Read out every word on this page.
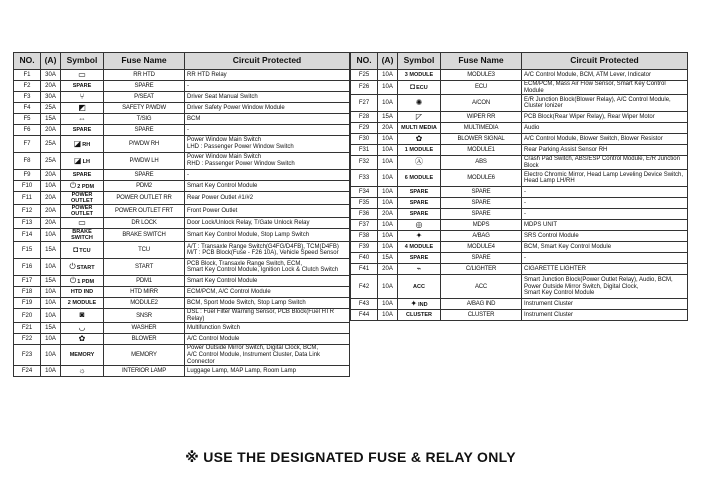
NO.	(A)	Symbol	Fuse Name	Circuit Protected
F1	30A	▭	RR HTD	RR HTD Relay
F2	20A	SPARE	SPARE	-
F3	30A	⑂	P/SEAT	Driver Seat Manual Switch
F4	25A	◩	SAFETY P/WDW	Driver Safety Power Window Module
F5	15A	⇔	T/SIG	BCM
F6	20A	SPARE	SPARE	-
F7	25A	◪RH	P/WDW RH	Power Window Main Switch
LHD : Passenger Power Window Switch
F8	25A	◪LH	P/WDW LH	Power Window Main Switch
RHD : Passenger Power Window Switch
F9	20A	SPARE	SPARE	-
F10	10A	⏻2 PDM	PDM2	Smart Key Control Module
F11	20A	POWER OUTLET	POWER OUTLET RR	Rear Power Outlet #1/#2
F12	20A	POWER OUTLET	POWER OUTLET FRT	Front Power Outlet
F13	20A	▭	DR LOCK	Door Lock/Unlock Relay, T/Gate Unlock Relay
F14	10A	BRAKE SWITCH	BRAKE SWITCH	Smart Key Control Module, Stop Lamp Switch
F15	15A	◘TCU	TCU	A/T : Transaxle Range Switch(G4FG/D4FB), TCM(D4FB)
M/T : PCB Block(Fuse - F26 10A), Vehicle Speed Sensor
F16	10A	⏻START	START	PCB Block, Transaxle Range Switch, ECM,
Smart Key Control Module, Ignition Lock & Clutch Switch
F17	15A	⏻1 PDM	PDM1	Smart Key Control Module
F18	10A	HTD IND	HTD MIRR	ECM/PCM, A/C Control Module
F19	10A	2 MODULE	MODULE2	BCM, Sport Mode Switch, Stop Lamp Switch
F20	10A	◙	SNSR	DSL : Fuel Filter Warning Sensor, PCB Block(Fuel HTR Relay)
F21	15A	◡	WASHER	Multifunction Switch
F22	10A	✿	BLOWER	A/C Control Module
F23	10A	MEMORY	MEMORY	Power Outside Mirror Switch, Digital Clock, BCM,
A/C Control Module, Instrument Cluster, Data Link Connector
F24	10A	☼	INTERIOR LAMP	Luggage Lamp, MAP Lamp, Room Lamp
NO.	(A)	Symbol	Fuse Name	Circuit Protected
F25	10A	3 MODULE	MODULE3	A/C Control Module, BCM, ATM Lever, Indicator
F26	10A	◘ECU	ECU	ECM/PCM, Mass Air Flow Sensor, Smart Key Control Module
F27	10A	✺	A/CON	E/R Junction Block(Blower Relay), A/C Control Module,
Cluster Ionizer
F28	15A	◸	WIPER RR	PCB Block(Rear Wiper Relay), Rear Wiper Motor
F29	20A	MULTI MEDIA	MULTIMEDIA	Audio
F30	10A	✿	BLOWER SIGNAL	A/C Control Module, Blower Switch, Blower Resistor
F31	10A	1 MODULE	MODULE1	Rear Parking Assist Sensor RH
F32	10A	Ⓐ	ABS	Crash Pad Switch, ABS/ESP Control Module, E/R Junction Block
F33	10A	6 MODULE	MODULE6	Electro Chromic Mirror, Head Lamp Leveling Device Switch,
Head Lamp LH/RH
F34	10A	SPARE	SPARE	-
F35	10A	SPARE	SPARE	-
F36	20A	SPARE	SPARE	-
F37	10A	◎	MDPS	MDPS UNIT
F38	10A	✦	A/BAG	SRS Control Module
F39	10A	4 MODULE	MODULE4	BCM, Smart Key Control Module
F40	15A	SPARE	SPARE	-
F41	20A	⌁	C/LIGHTER	CIGARETTE LIGHTER
F42	10A	ACC	ACC	Smart Junction Block(Power Outlet Relay), Audio, BCM,
Power Outside Mirror Switch, Digital Clock,
Smart Key Control Module
F43	10A	✦IND	A/BAG IND	Instrument Cluster
F44	10A	CLUSTER	CLUSTER	Instrument Cluster
※ USE THE DESIGNATED FUSE & RELAY ONLY
